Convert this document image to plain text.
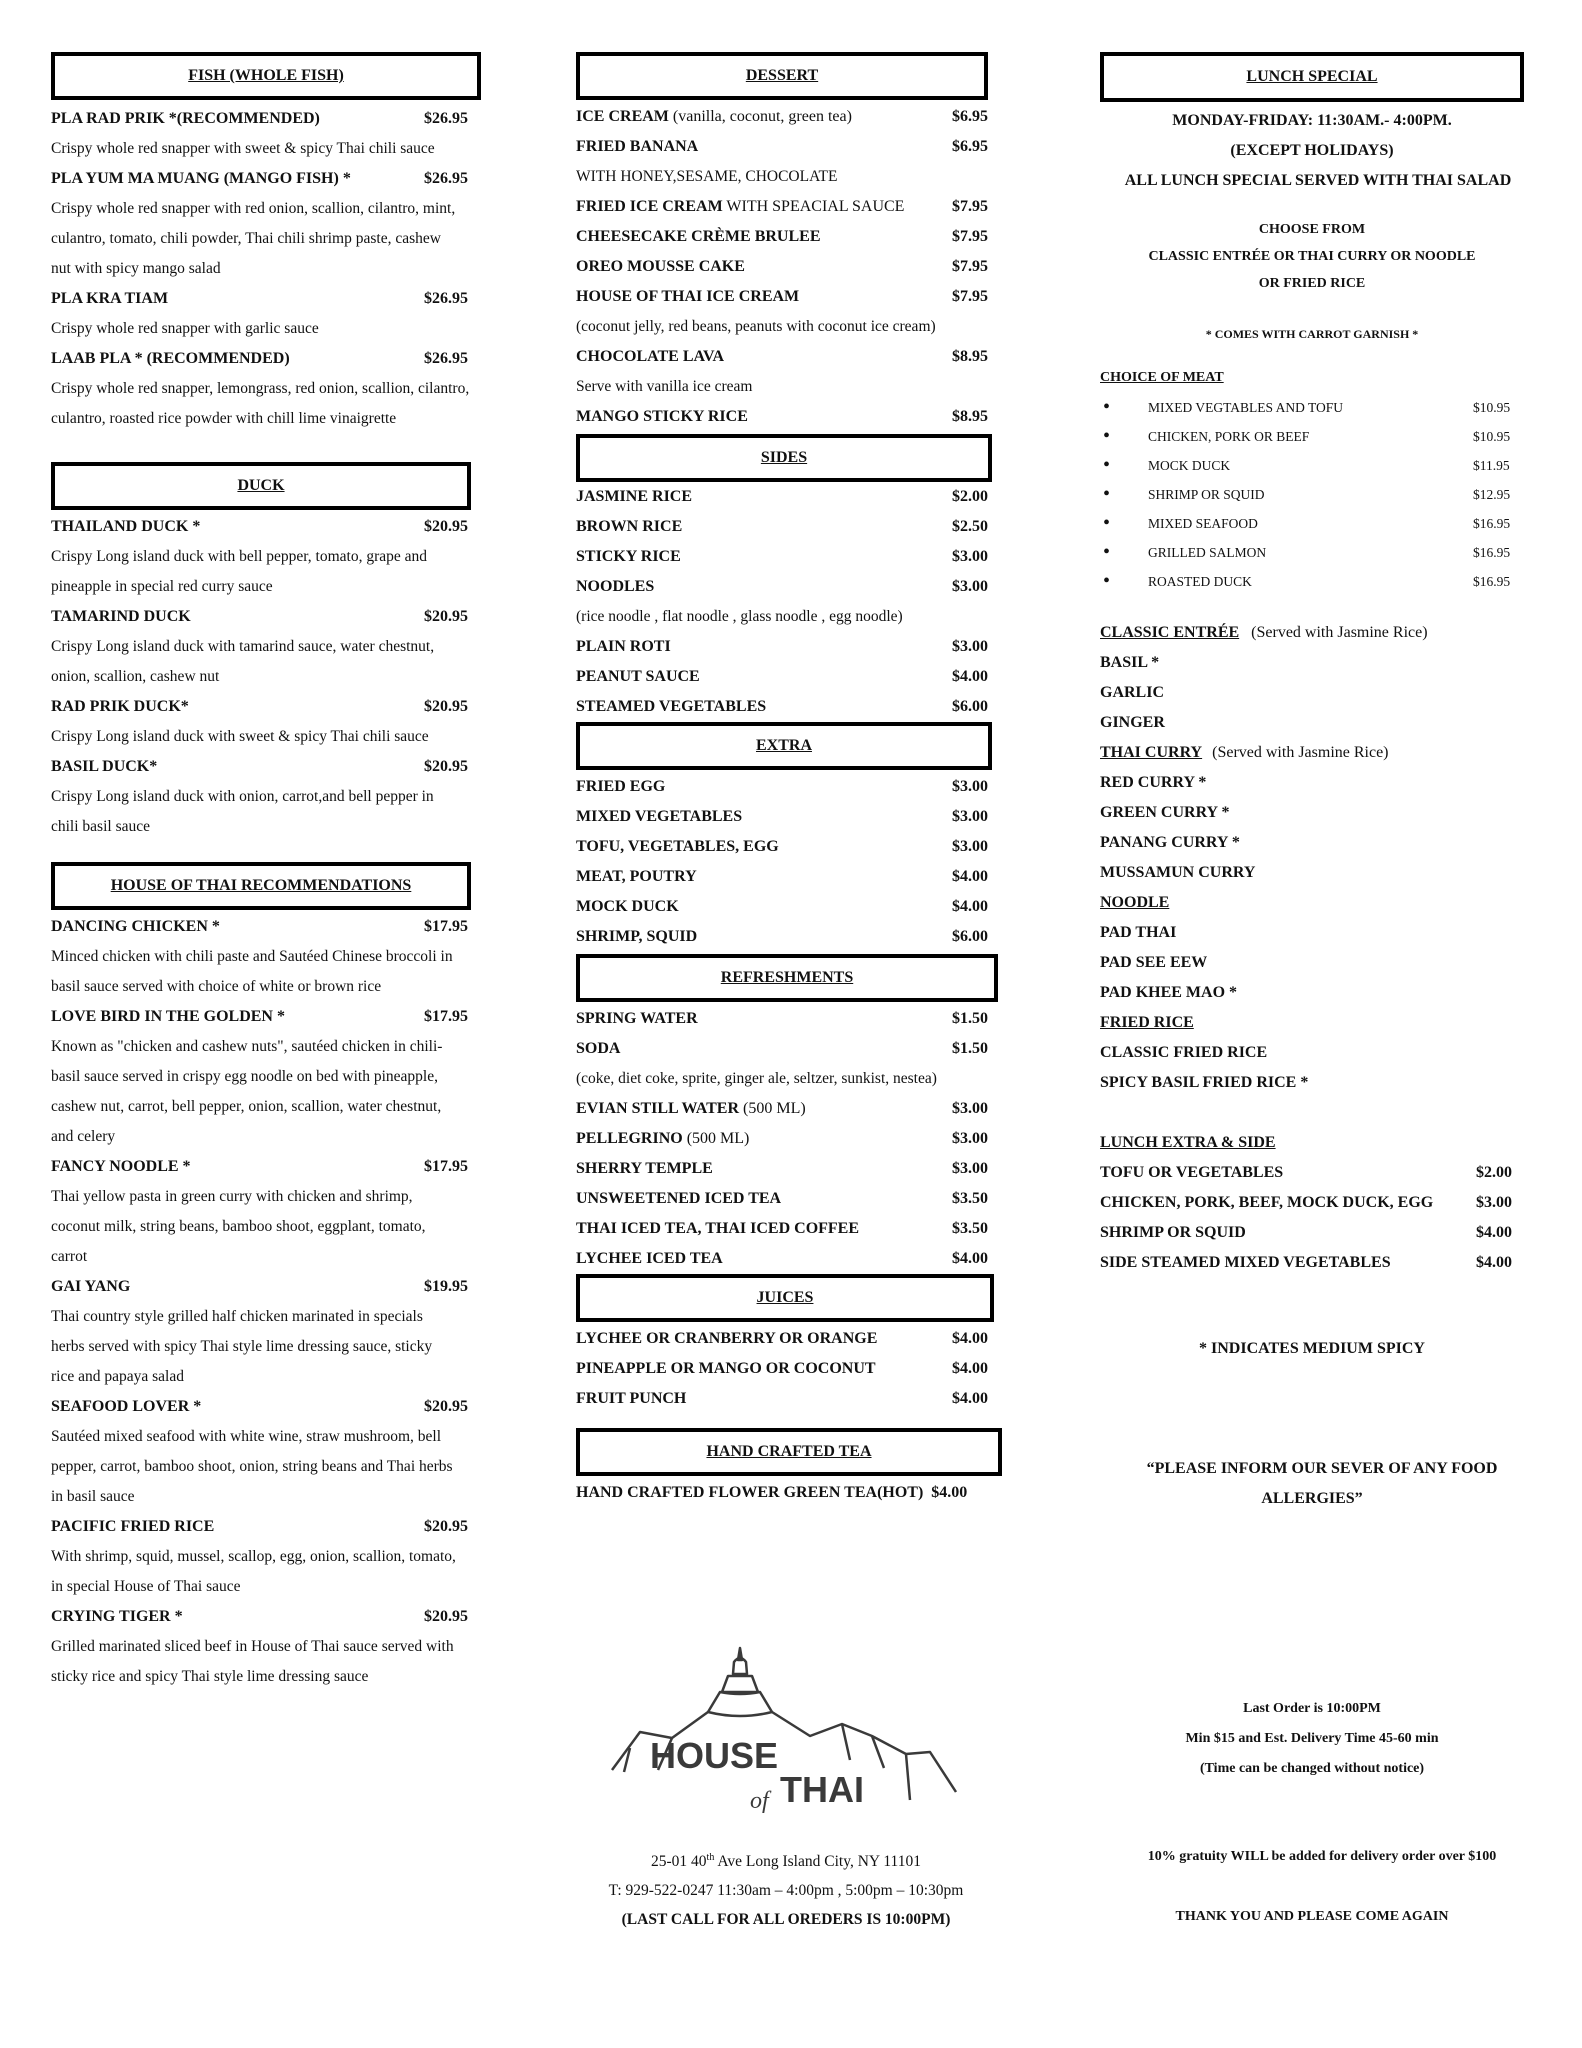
FISH (WHOLE FISH)
PLA RAD PRIK *(RECOMMENDED)	$26.95
Crispy whole red snapper with sweet & spicy Thai chili sauce
PLA YUM MA MUANG (MANGO FISH) *	$26.95
Crispy whole red snapper with red onion, scallion, cilantro, mint,
culantro, tomato, chili powder, Thai chili shrimp paste, cashew
nut with spicy mango salad
PLA KRA TIAM	$26.95
Crispy whole red snapper with garlic sauce
LAAB PLA * (RECOMMENDED)	$26.95
Crispy whole red snapper, lemongrass, red onion, scallion, cilantro,
culantro, roasted rice powder with chill lime vinaigrette
DUCK
THAILAND DUCK *	$20.95
Crispy Long island duck with bell pepper, tomato, grape and
pineapple in special red curry sauce
TAMARIND DUCK	$20.95
Crispy Long island duck with tamarind sauce, water chestnut,
onion, scallion, cashew nut
RAD PRIK DUCK*	$20.95
Crispy Long island duck with sweet & spicy Thai chili sauce
BASIL DUCK*	$20.95
Crispy Long island duck with onion, carrot,and bell pepper in
chili basil sauce
HOUSE OF THAI RECOMMENDATIONS
DANCING CHICKEN *	$17.95
Minced chicken with chili paste and Sautéed Chinese broccoli in
basil sauce served with choice of white or brown rice
LOVE BIRD IN THE GOLDEN *	$17.95
Known as "chicken and cashew nuts", sautéed chicken in chili-
basil sauce served in crispy egg noodle on bed with pineapple,
cashew nut, carrot, bell pepper, onion, scallion, water chestnut,
and celery
FANCY NOODLE *	$17.95
Thai yellow pasta in green curry with chicken and shrimp,
coconut milk, string beans, bamboo shoot, eggplant, tomato,
carrot
GAI YANG	$19.95
Thai country style grilled half chicken marinated in specials
herbs served with spicy Thai style lime dressing sauce, sticky
rice and papaya salad
SEAFOOD LOVER *	$20.95
Sautéed mixed seafood with white wine, straw mushroom, bell
pepper, carrot, bamboo shoot, onion, string beans and Thai herbs
in basil sauce
PACIFIC FRIED RICE	$20.95
With shrimp, squid, mussel, scallop, egg, onion, scallion, tomato,
in special House of Thai sauce
CRYING TIGER *	$20.95
Grilled marinated sliced beef in House of Thai sauce served with
sticky rice and spicy Thai style lime dressing sauce
DESSERT
ICE CREAM (vanilla, coconut, green tea)	$6.95
FRIED BANANA	$6.95
WITH HONEY,SESAME, CHOCOLATE
FRIED ICE CREAM WITH SPEACIAL SAUCE	$7.95
CHEESECAKE CRÈME BRULEE	$7.95
OREO MOUSSE CAKE	$7.95
HOUSE OF THAI ICE CREAM	$7.95
(coconut jelly, red beans, peanuts with coconut ice cream)
CHOCOLATE LAVA	$8.95
Serve with vanilla ice cream
MANGO STICKY RICE	$8.95
SIDES
JASMINE RICE	$2.00
BROWN RICE	$2.50
STICKY RICE	$3.00
NOODLES	$3.00
(rice noodle , flat noodle , glass noodle , egg noodle)
PLAIN ROTI	$3.00
PEANUT SAUCE	$4.00
STEAMED VEGETABLES	$6.00
EXTRA
FRIED EGG	$3.00
MIXED VEGETABLES	$3.00
TOFU, VEGETABLES, EGG	$3.00
MEAT, POUTRY	$4.00
MOCK DUCK	$4.00
SHRIMP, SQUID	$6.00
REFRESHMENTS
SPRING WATER	$1.50
SODA	$1.50
(coke, diet coke, sprite, ginger ale, seltzer, sunkist, nestea)
EVIAN STILL WATER (500 ML)	$3.00
PELLEGRINO (500 ML)	$3.00
SHERRY TEMPLE	$3.00
UNSWEETENED ICED TEA	$3.50
THAI ICED TEA, THAI ICED COFFEE	$3.50
LYCHEE ICED TEA	$4.00
JUICES
LYCHEE OR CRANBERRY OR ORANGE	$4.00
PINEAPPLE OR MANGO OR COCONUT	$4.00
FRUIT PUNCH	$4.00
HAND CRAFTED TEA
HAND CRAFTED FLOWER GREEN TEA(HOT) $4.00
HOUSE
of THAI
25-01 40th Ave Long Island City, NY 11101
T: 929-522-0247 11:30am – 4:00pm , 5:00pm – 10:30pm
(LAST CALL FOR ALL OREDERS IS 10:00PM)
LUNCH SPECIAL
MONDAY-FRIDAY: 11:30AM.- 4:00PM.
(EXCEPT HOLIDAYS)
ALL LUNCH SPECIAL SERVED WITH THAI SALAD
CHOOSE FROM
CLASSIC ENTRÉE OR THAI CURRY OR NOODLE
OR FRIED RICE
* COMES WITH CARROT GARNISH *
CHOICE OF MEAT
•	MIXED VEGTABLES AND TOFU	$10.95
•	CHICKEN, PORK OR BEEF	$10.95
•	MOCK DUCK	$11.95
•	SHRIMP OR SQUID	$12.95
•	MIXED SEAFOOD	$16.95
•	GRILLED SALMON	$16.95
•	ROASTED DUCK	$16.95
CLASSIC ENTRÉE (Served with Jasmine Rice)
BASIL *
GARLIC
GINGER
THAI CURRY (Served with Jasmine Rice)
RED CURRY *
GREEN CURRY *
PANANG CURRY *
MUSSAMUN CURRY
NOODLE
PAD THAI
PAD SEE EEW
PAD KHEE MAO *
FRIED RICE
CLASSIC FRIED RICE
SPICY BASIL FRIED RICE *
LUNCH EXTRA & SIDE
TOFU OR VEGETABLES	$2.00
CHICKEN, PORK, BEEF, MOCK DUCK, EGG	$3.00
SHRIMP OR SQUID	$4.00
SIDE STEAMED MIXED VEGETABLES	$4.00
* INDICATES MEDIUM SPICY
“PLEASE INFORM OUR SEVER OF ANY FOOD
ALLERGIES”
Last Order is 10:00PM
Min $15 and Est. Delivery Time 45-60 min
(Time can be changed without notice)
10% gratuity WILL be added for delivery order over $100
THANK YOU AND PLEASE COME AGAIN
